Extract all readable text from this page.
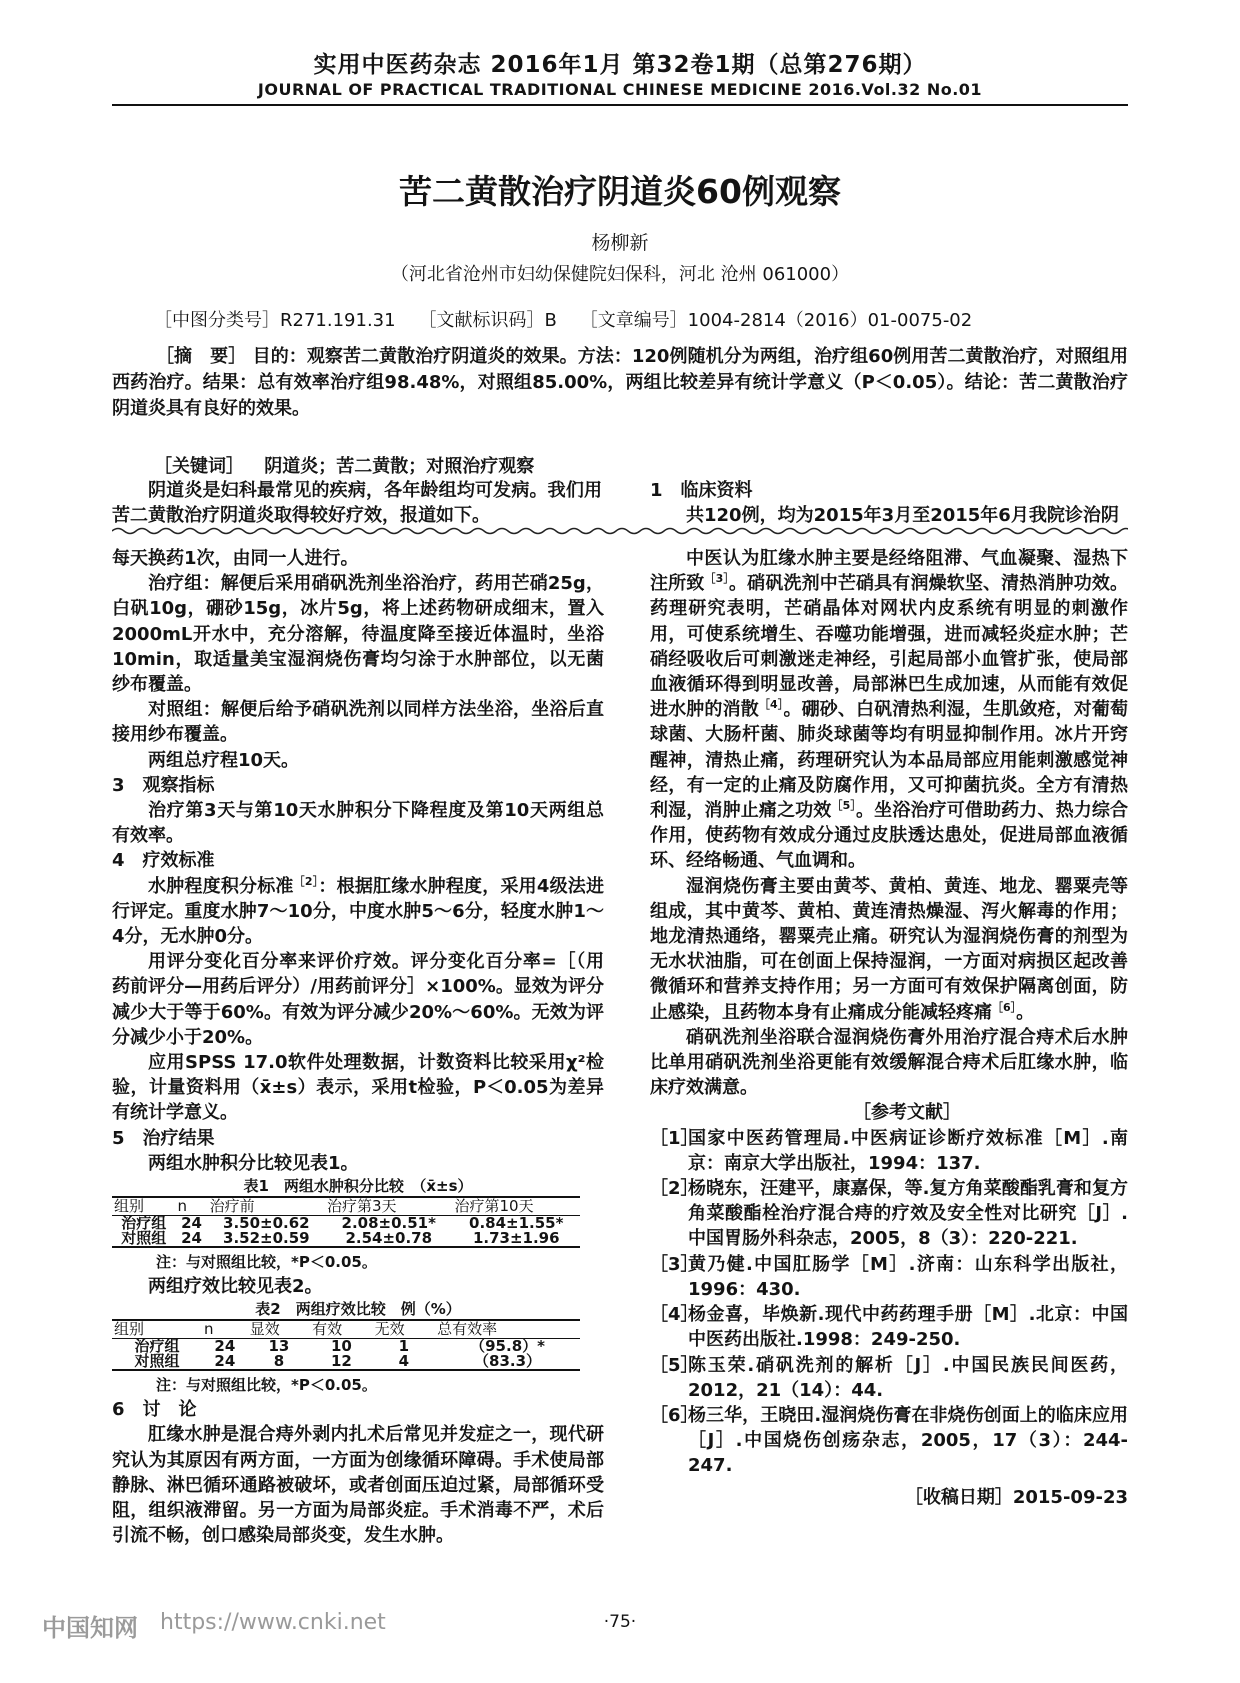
实用中医药杂志 2016年1月 第32卷1期（总第276期）
JOURNAL OF PRACTICAL TRADITIONAL CHINESE MEDICINE 2016.Vol.32 No.01
苦二黄散治疗阴道炎60例观察
杨柳新
（河北省沧州市妇幼保健院妇保科，河北 沧州 061000）
［中图分类号］R271.191.31    ［文献标识码］B    ［文章编号］1004-2814（2016）01-0075-02
［摘　要］ 目的：观察苦二黄散治疗阴道炎的效果。方法：120例随机分为两组，治疗组60例用苦二黄散治疗，对照组用西药治疗。结果：总有效率治疗组98.48%，对照组85.00%，两组比较差异有统计学意义（P＜0.05）。结论：苦二黄散治疗阴道炎具有良好的效果。
［关键词］ 阴道炎；苦二黄散；对照治疗观察

阴道炎是妇科最常见的疾病，各年龄组均可发病。我们用苦二黄散治疗阴道炎取得较好疗效，报道如下。

1　临床资料

共120例，均为2015年3月至2015年6月我院诊治阴

每天换药1次，由同一人进行。

治疗组：解便后采用硝矾洗剂坐浴治疗，药用芒硝25g，白矾10g，硼砂15g，冰片5g，将上述药物研成细末，置入2000mL开水中，充分溶解，待温度降至接近体温时，坐浴10min，取适量美宝湿润烧伤膏均匀涂于水肿部位，以无菌纱布覆盖。

对照组：解便后给予硝矾洗剂以同样方法坐浴，坐浴后直接用纱布覆盖。

两组总疗程10天。

3　观察指标

治疗第3天与第10天水肿积分下降程度及第10天两组总有效率。

4　疗效标准

水肿程度积分标准$^{[2]}$：根据肛缘水肿程度，采用4级法进行评定。重度水肿7～10分，中度水肿5～6分，轻度水肿1～4分，无水肿0分。

用评分变化百分率来评价疗效。评分变化百分率=［（用药前评分—用药后评分）/用药前评分］×100%。显效为评分减少大于等于60%。有效为评分减少20%～60%。无效为评分减少小于20%。

应用SPSS 17.0软件处理数据，计数资料比较采用χ²检验，计量资料用（x̄±s）表示，采用t检验，P＜0.05为差异有统计学意义。

5　治疗结果

两组水肿积分比较见表1。

表1　两组水肿积分比较　（x̄±s）
组别	n	治疗前	治疗第3天	治疗第10天
治疗组	24	3.50±0.62	2.08±0.51*	0.84±1.55*
对照组	24	3.52±0.59	2.54±0.78	1.73±1.96
注：与对照组比较，*P＜0.05。

两组疗效比较见表2。

表2　两组疗效比较　例（%）
组别	n	显效	有效	无效	总有效率
治疗组	24	13	10	1	（95.8）*
对照组	24	8	12	4	（83.3）
注：与对照组比较，*P＜0.05。

6　讨　论

肛缘水肿是混合痔外剥内扎术后常见并发症之一，现代研究认为其原因有两方面，一方面为创缘循环障碍。手术使局部静脉、淋巴循环通路被破坏，或者创面压迫过紧，局部循环受阻，组织液滞留。另一方面为局部炎症。手术消毒不严，术后引流不畅，创口感染局部炎变，发生水肿。

中医认为肛缘水肿主要是经络阻滞、气血凝聚、湿热下注所致$^{[3]}$。硝矾洗剂中芒硝具有润燥软坚、清热消肿功效。药理研究表明，芒硝晶体对网状内皮系统有明显的刺激作用，可使系统增生、吞噬功能增强，进而减轻炎症水肿；芒硝经吸收后可刺激迷走神经，引起局部小血管扩张，使局部血液循环得到明显改善，局部淋巴生成加速，从而能有效促进水肿的消散$^{[4]}$。硼砂、白矾清热利湿，生肌敛疮，对葡萄球菌、大肠杆菌、肺炎球菌等均有明显抑制作用。冰片开窍醒神，清热止痛，药理研究认为本品局部应用能刺激感觉神经，有一定的止痛及防腐作用，又可抑菌抗炎。全方有清热利湿，消肿止痛之功效$^{[5]}$。坐浴治疗可借助药力、热力综合作用，使药物有效成分通过皮肤透达患处，促进局部血液循环、经络畅通、气血调和。

湿润烧伤膏主要由黄芩、黄柏、黄连、地龙、罂粟壳等组成，其中黄芩、黄柏、黄连清热燥湿、泻火解毒的作用；地龙清热通络，罂粟壳止痛。研究认为湿润烧伤膏的剂型为无水状油脂，可在创面上保持湿润，一方面对病损区起改善微循环和营养支持作用；另一方面可有效保护隔离创面，防止感染，且药物本身有止痛成分能减轻疼痛$^{[6]}$。

硝矾洗剂坐浴联合湿润烧伤膏外用治疗混合痔术后水肿比单用硝矾洗剂坐浴更能有效缓解混合痔术后肛缘水肿，临床疗效满意。

［参考文献］

［1］
国家中医药管理局.中医病证诊断疗效标准［M］.南京：南京大学出版社，1994：137.
［2］
杨晓东，汪建平，康嘉保，等.复方角菜酸酯乳膏和复方角菜酸酯栓治疗混合痔的疗效及安全性对比研究［J］.中国胃肠外科杂志，2005，8（3）：220-221.
［3］
黄乃健.中国肛肠学［M］.济南：山东科学出版社，1996：430.
［4］
杨金喜，毕焕新.现代中药药理手册［M］.北京：中国中医药出版社.1998：249-250.
［5］
陈玉荣.硝矾洗剂的解析［J］.中国民族民间医药，2012，21（14）：44.
［6］
杨三华，王晓田.湿润烧伤膏在非烧伤创面上的临床应用［J］.中国烧伤创疡杂志，2005，17（3）：244-247.

［收稿日期］2015-09-23

·75·
中国知网 https://www.cnki.net
